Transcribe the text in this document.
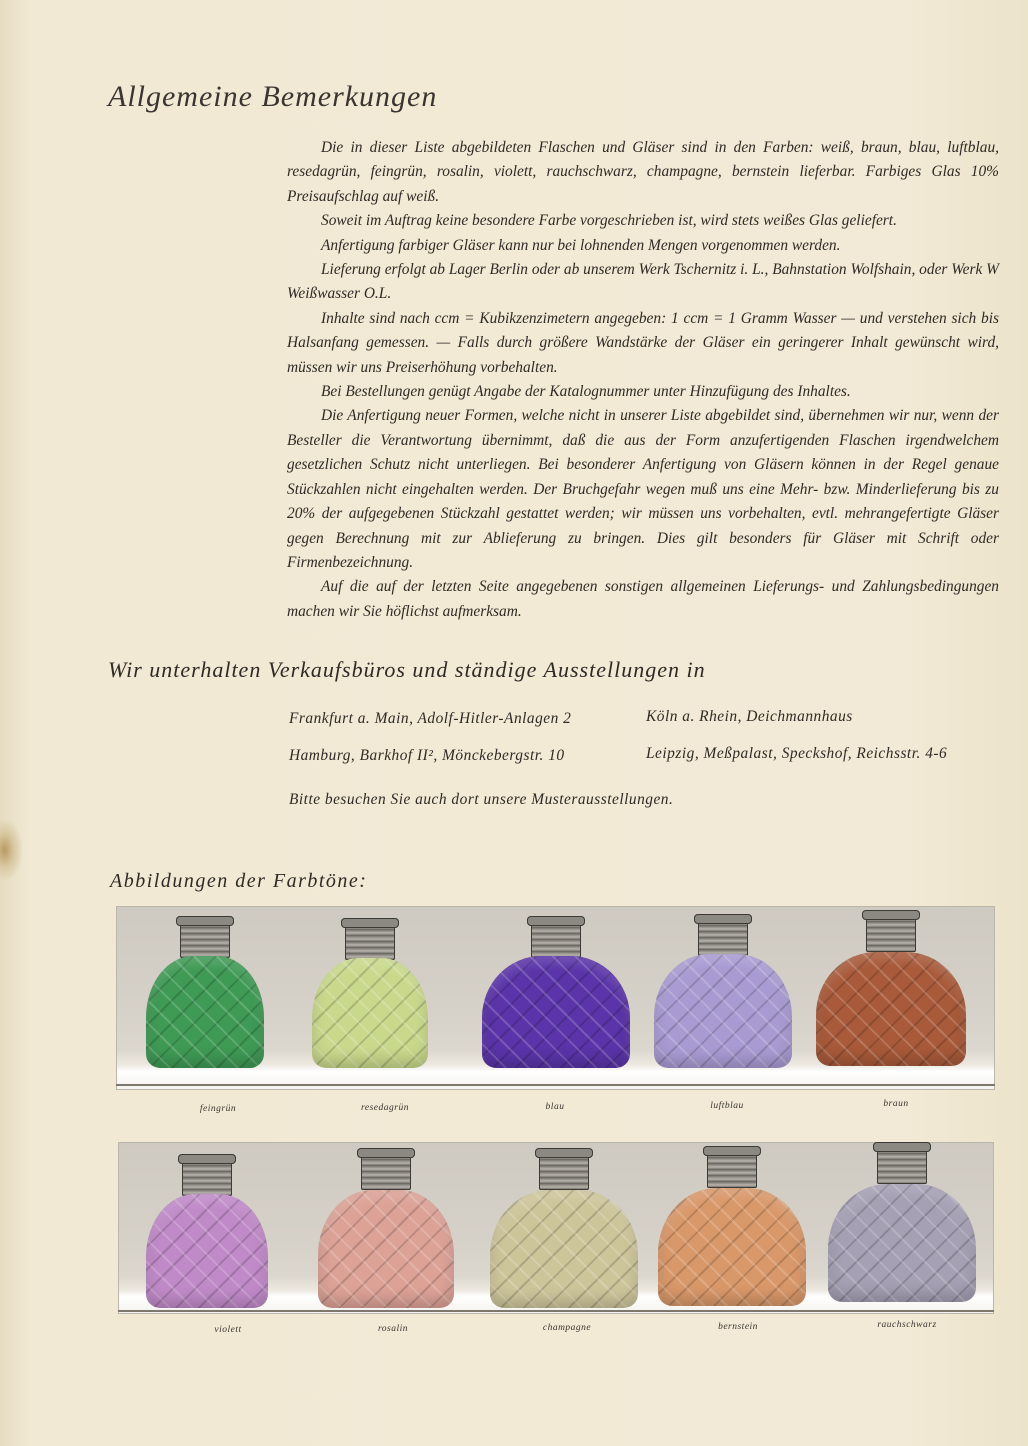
Allgemeine Bemerkungen

Die in dieser Liste abgebildeten Flaschen und Gläser sind in den Farben: weiß, braun, blau, luftblau, resedagrün, feingrün, rosalin, violett, rauchschwarz, champagne, bernstein lieferbar. Farbiges Glas 10% Preisaufschlag auf weiß.

Soweit im Auftrag keine besondere Farbe vorgeschrieben ist, wird stets weißes Glas geliefert.

Anfertigung farbiger Gläser kann nur bei lohnenden Mengen vorgenommen werden.

Lieferung erfolgt ab Lager Berlin oder ab unserem Werk Tschernitz i. L., Bahnstation Wolfshain, oder Werk W Weißwasser O.L.

Inhalte sind nach ccm = Kubikzenzimetern angegeben: 1 ccm = 1 Gramm Wasser — und verstehen sich bis Halsanfang gemessen. — Falls durch größere Wandstärke der Gläser ein geringerer Inhalt gewünscht wird, müssen wir uns Preiserhöhung vorbehalten.

Bei Bestellungen genügt Angabe der Katalognummer unter Hinzufügung des Inhaltes.

Die Anfertigung neuer Formen, welche nicht in unserer Liste abgebildet sind, übernehmen wir nur, wenn der Besteller die Verantwortung übernimmt, daß die aus der Form anzufertigenden Flaschen irgendwelchem gesetzlichen Schutz nicht unterliegen. Bei besonderer Anfertigung von Gläsern können in der Regel genaue Stückzahlen nicht eingehalten werden. Der Bruchgefahr wegen muß uns eine Mehr- bzw. Minderlieferung bis zu 20% der aufgegebenen Stückzahl gestattet werden; wir müssen uns vorbehalten, evtl. mehrangefertigte Gläser gegen Berechnung mit zur Ablieferung zu bringen. Dies gilt besonders für Gläser mit Schrift oder Firmenbezeichnung.

Auf die auf der letzten Seite angegebenen sonstigen allgemeinen Lieferungs- und Zahlungsbedingungen machen wir Sie höflichst aufmerksam.

Wir unterhalten Verkaufsbüros und ständige Ausstellungen in
Frankfurt a. Main, Adolf-Hitler-Anlagen 2	Köln a. Rhein, Deichmannhaus
Hamburg, Barkhof II², Mönckebergstr. 10	Leipzig, Meßpalast, Speckshof, Reichsstr. 4-6
Bitte besuchen Sie auch dort unsere Musterausstellungen.
Abbildungen der Farbtöne:
feingrün	resedagrün	blau	luftblau	braun
violett	rosalin	champagne	bernstein	rauchschwarz
